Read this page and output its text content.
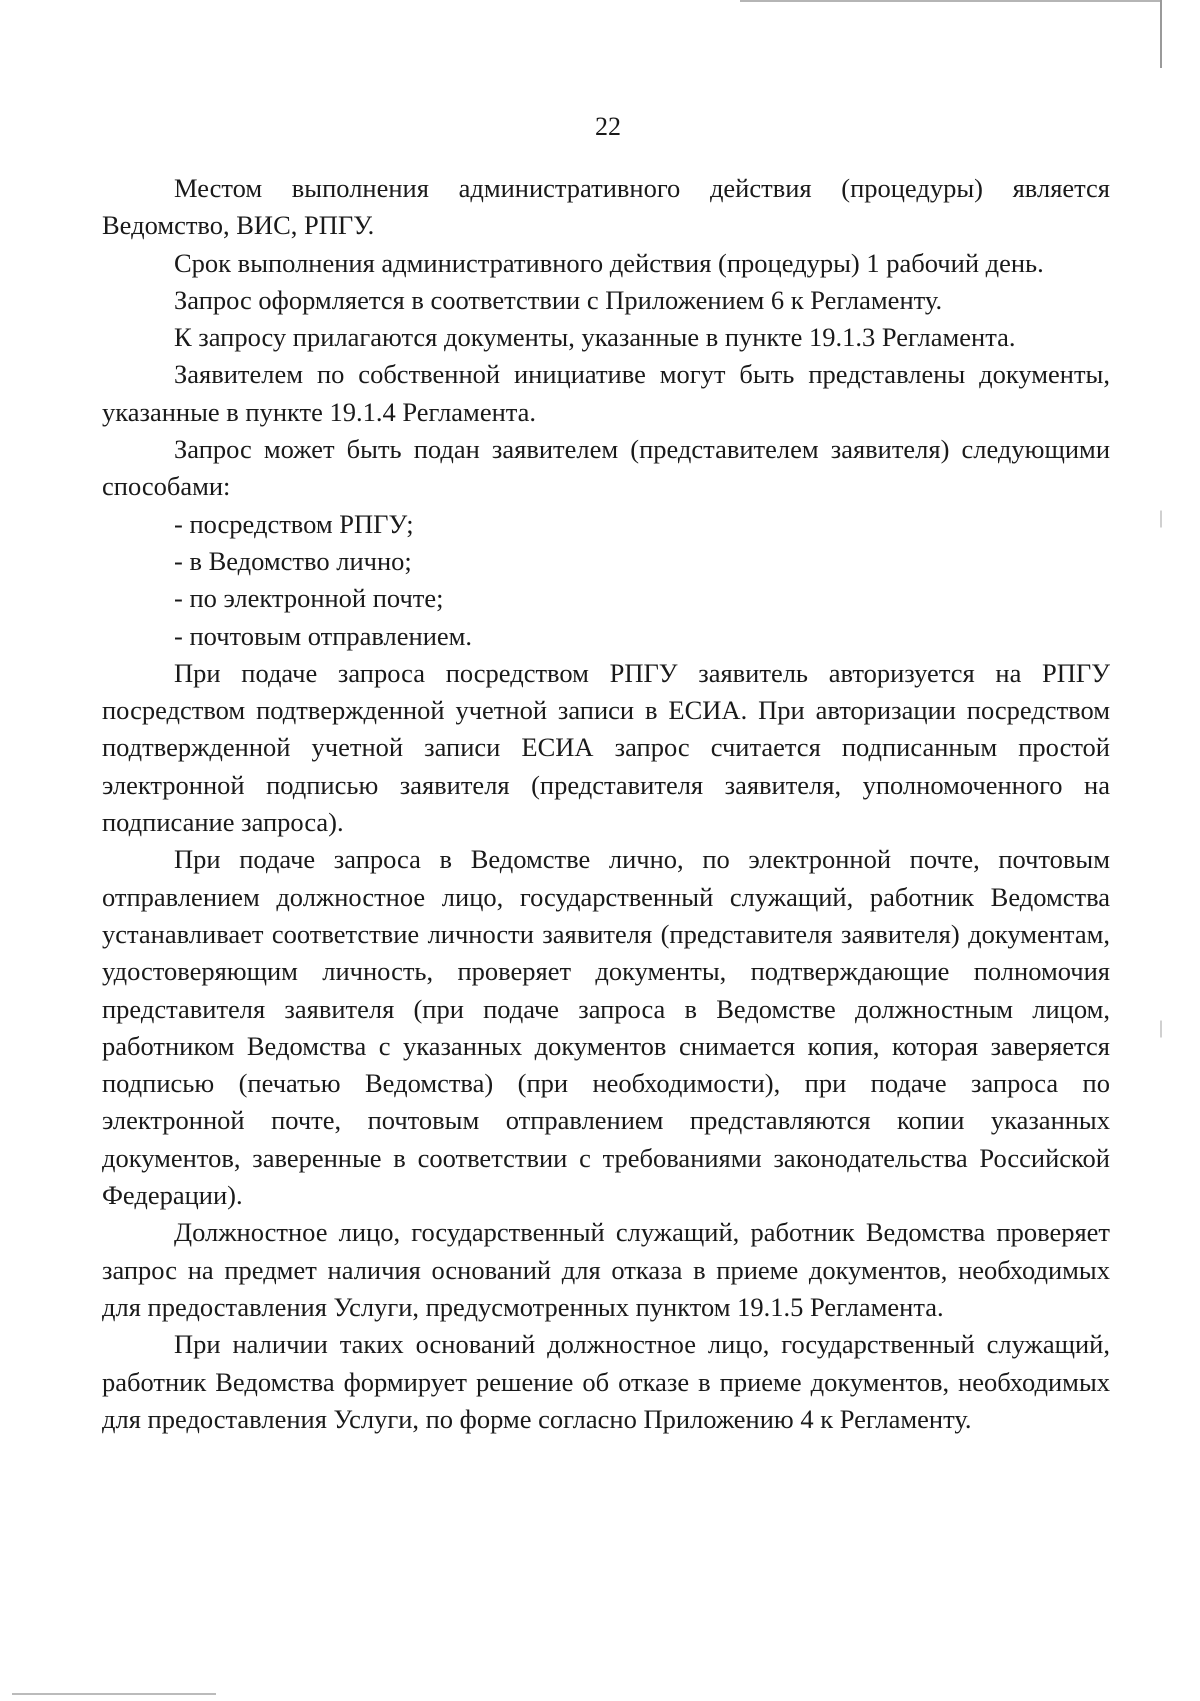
22

Местом выполнения административного действия (процедуры) является Ведомство, ВИС, РПГУ.

Срок выполнения административного действия (процедуры) 1 рабочий день.

Запрос оформляется в соответствии с Приложением 6 к Регламенту.

К запросу прилагаются документы, указанные в пункте 19.1.3 Регламента.

Заявителем по собственной инициативе могут быть представлены документы, указанные в пункте 19.1.4 Регламента.

Запрос может быть подан заявителем (представителем заявителя) следующими способами:

- посредством РПГУ;

- в Ведомство лично;

- по электронной почте;

- почтовым отправлением.

При подаче запроса посредством РПГУ заявитель авторизуется на РПГУ посредством подтвержденной учетной записи в ЕСИА. При авторизации посредством подтвержденной учетной записи ЕСИА запрос считается подписанным простой электронной подписью заявителя (представителя заявителя, уполномоченного на подписание запроса).

При подаче запроса в Ведомстве лично, по электронной почте, почтовым отправлением должностное лицо, государственный служащий, работник Ведомства устанавливает соответствие личности заявителя (представителя заявителя) документам, удостоверяющим личность, проверяет документы, подтверждающие полномочия представителя заявителя (при подаче запроса в Ведомстве должностным лицом, работником Ведомства с указанных документов снимается копия, которая заверяется подписью (печатью Ведомства) (при необходимости), при подаче запроса по электронной почте, почтовым отправлением представляются копии указанных документов, заверенные в соответствии с требованиями законодательства Российской Федерации).

Должностное лицо, государственный служащий, работник Ведомства проверяет запрос на предмет наличия оснований для отказа в приеме документов, необходимых для предоставления Услуги, предусмотренных пунктом 19.1.5 Регламента.

При наличии таких оснований должностное лицо, государственный служащий, работник Ведомства формирует решение об отказе в приеме документов, необходимых для предоставления Услуги, по форме согласно Приложению 4 к Регламенту.
